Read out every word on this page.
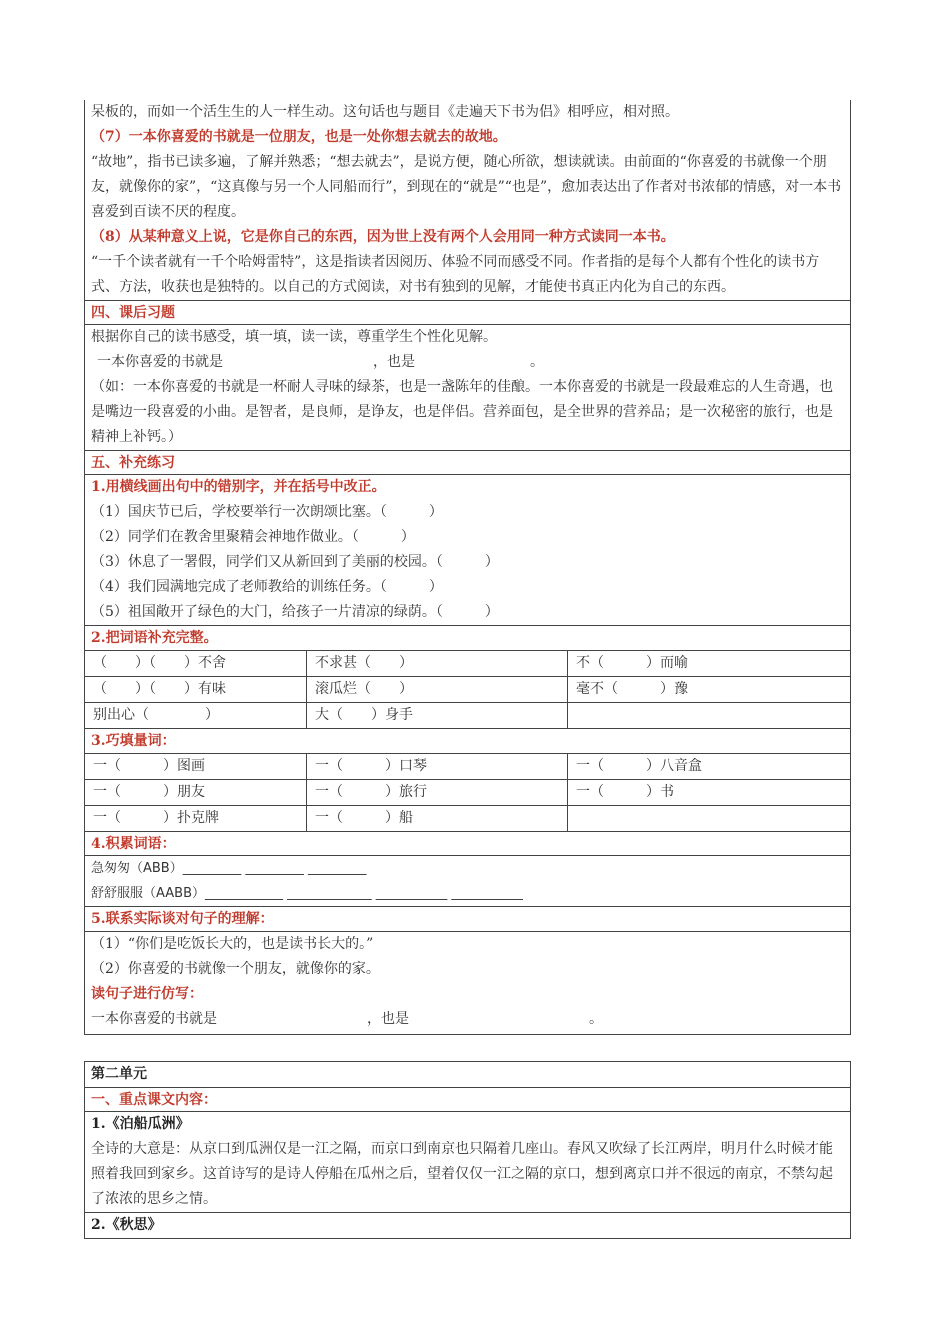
呆板的，而如一个活生生的人一样生动。这句话也与题目《走遍天下书为侣》相呼应，相对照。
（7）一本你喜爱的书就是一位朋友，也是一处你想去就去的故地。
“故地”，指书已读多遍，了解并熟悉；“想去就去”，是说方便，随心所欲，想读就读。由前面的“你喜爱的书就像一个朋友，就像你的家”，“这真像与另一个人同船而行”，到现在的“就是”“也是”，愈加表达出了作者对书浓郁的情感，对一本书喜爱到百读不厌的程度。
（8）从某种意义上说，它是你自己的东西，因为世上没有两个人会用同一种方式读同一本书。
“一千个读者就有一千个哈姆雷特”，这是指读者因阅历、体验不同而感受不同。作者指的是每个人都有个性化的读书方式、方法，收获也是独特的。以自己的方式阅读，对书有独到的见解，才能使书真正内化为自己的东西。
四、课后习题
根据你自己的读书感受，填一填，读一读，尊重学生个性化见解。
一本你喜爱的书就是	，也是	。
（如：一本你喜爱的书就是一杯耐人寻味的绿茶，也是一盏陈年的佳酿。一本你喜爱的书就是一段最难忘的人生奇遇，也是嘴边一段喜爱的小曲。是智者，是良师，是诤友，也是伴侣。营养面包，是全世界的营养品；是一次秘密的旅行，也是精神上补钙。）
五、补充练习
1.用横线画出句中的错别字，并在括号中改正。
（1）国庆节已后，学校要举行一次朗颂比塞。（　　　）
（2）同学们在教舍里聚精会神地作做业。（　　　）
（3）休息了一署假，同学们又从新回到了美丽的校园。（　　　）
（4）我们园满地完成了老师教给的训练任务。（　　　）
（5）祖国敞开了绿色的大门，给孩子一片清凉的绿荫。（　　　）
2.把词语补充完整。
（　　）（　　）不舍	不求甚（　　）	不（　　　）而喻
（　　）（　　）有味	滚瓜烂（　　）	毫不（　　　）豫
别出心（　　　　）	大（　　）身手
3.巧填量词：
一（　　　）图画	一（　　　）口琴	一（　　　）八音盒
一（　　　）朋友	一（　　　）旅行	一（　　　）书
一（　　　）扑克牌	一（　　　）船
4.积累词语：
急匆匆（ABB）_________ _________ _________
舒舒服服（AABB）____________ _____________ ___________ ___________
5.联系实际谈对句子的理解：
（1）“你们是吃饭长大的，也是读书长大的。”
（2）你喜爱的书就像一个朋友，就像你的家。
读句子进行仿写：
一本你喜爱的书就是	，也是	。
第二单元
一、重点课文内容：
1.《泊船瓜洲》
全诗的大意是：从京口到瓜洲仅是一江之隔，而京口到南京也只隔着几座山。春风又吹绿了长江两岸，明月什么时候才能照着我回到家乡。这首诗写的是诗人停船在瓜州之后，望着仅仅一江之隔的京口，想到离京口并不很远的南京，不禁勾起了浓浓的思乡之情。
2.《秋思》
